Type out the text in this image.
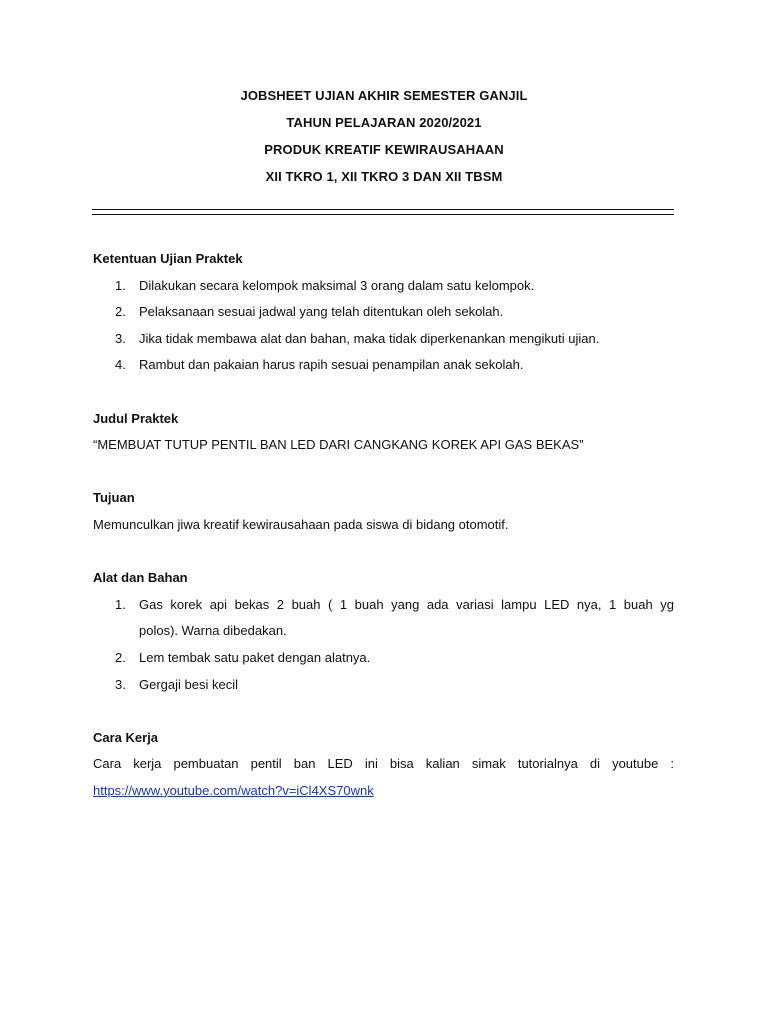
JOBSHEET UJIAN AKHIR SEMESTER GANJIL
TAHUN PELAJARAN 2020/2021
PRODUK KREATIF KEWIRAUSAHAAN
XII TKRO 1, XII TKRO 3 DAN XII TBSM
Ketentuan Ujian Praktek
1. Dilakukan secara kelompok maksimal 3 orang dalam satu kelompok.
2. Pelaksanaan sesuai jadwal yang telah ditentukan oleh sekolah.
3. Jika tidak membawa alat dan bahan, maka tidak diperkenankan mengikuti ujian.
4. Rambut dan pakaian harus rapih sesuai penampilan anak sekolah.
Judul Praktek
“MEMBUAT TUTUP PENTIL BAN LED DARI CANGKANG KOREK API GAS BEKAS”
Tujuan
Memunculkan jiwa kreatif kewirausahaan pada siswa di bidang otomotif.
Alat dan Bahan
1. Gas korek api bekas 2 buah ( 1 buah yang ada variasi lampu LED nya, 1 buah yg
polos). Warna dibedakan.
2. Lem tembak satu paket dengan alatnya.
3. Gergaji besi kecil
Cara Kerja
Cara kerja pembuatan pentil ban LED ini bisa kalian simak tutorialnya di youtube :
https://www.youtube.com/watch?v=iCl4XS70wnk
